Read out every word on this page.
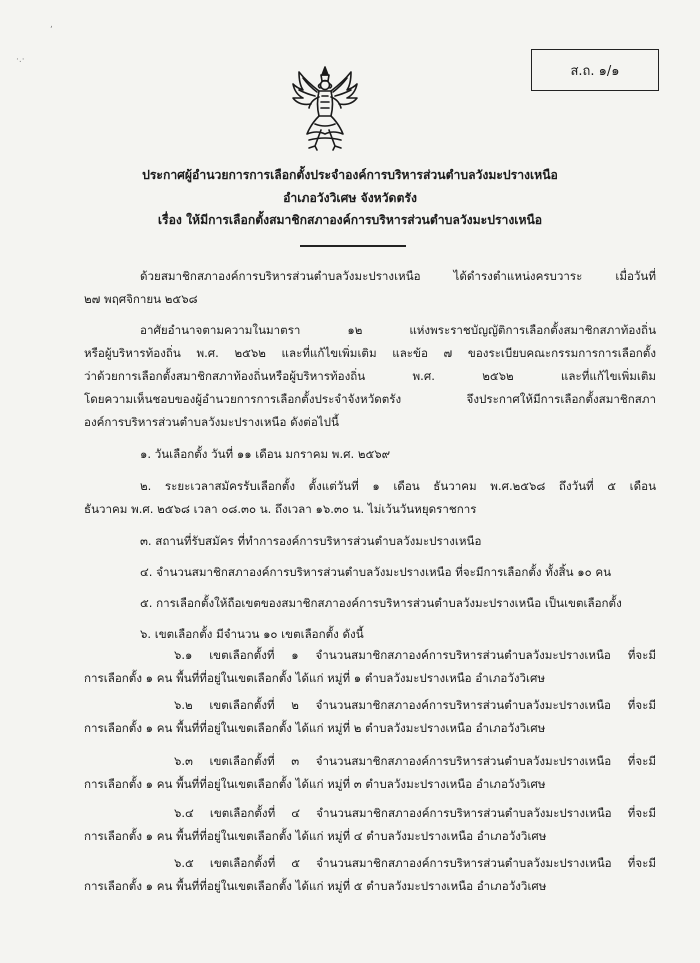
·.·
,
ส.ถ. ๑/๑
ประกาศผู้อำนวยการการเลือกตั้งประจำองค์การบริหารส่วนตำบลวังมะปรางเหนือ
อำเภอวังวิเศษ จังหวัดตรัง
เรื่อง ให้มีการเลือกตั้งสมาชิกสภาองค์การบริหารส่วนตำบลวังมะปรางเหนือ
ด้วยสมาชิกสภาองค์การบริหารส่วนตำบลวังมะปรางเหนือ ได้ดำรงตำแหน่งครบวาระ เมื่อวันที่
๒๗ พฤศจิกายน ๒๕๖๘
อาศัยอำนาจตามความในมาตรา ๑๒ แห่งพระราชบัญญัติการเลือกตั้งสมาชิกสภาท้องถิ่น
หรือผู้บริหารท้องถิ่น พ.ศ. ๒๕๖๒ และที่แก้ไขเพิ่มเติม และข้อ ๗ ของระเบียบคณะกรรมการการเลือกตั้ง
ว่าด้วยการเลือกตั้งสมาชิกสภาท้องถิ่นหรือผู้บริหารท้องถิ่น พ.ศ. ๒๕๖๒ และที่แก้ไขเพิ่มเติม
โดยความเห็นชอบของผู้อำนวยการการเลือกตั้งประจำจังหวัดตรัง จึงประกาศให้มีการเลือกตั้งสมาชิกสภา
องค์การบริหารส่วนตำบลวังมะปรางเหนือ ดังต่อไปนี้
๑. วันเลือกตั้ง วันที่ ๑๑ เดือน มกราคม พ.ศ. ๒๕๖๙
๒. ระยะเวลาสมัครรับเลือกตั้ง ตั้งแต่วันที่ ๑ เดือน ธันวาคม พ.ศ.๒๕๖๘ ถึงวันที่ ๕ เดือน
ธันวาคม พ.ศ. ๒๕๖๘ เวลา ๐๘.๓๐ น. ถึงเวลา ๑๖.๓๐ น. ไม่เว้นวันหยุดราชการ
๓. สถานที่รับสมัคร ที่ทำการองค์การบริหารส่วนตำบลวังมะปรางเหนือ
๔. จำนวนสมาชิกสภาองค์การบริหารส่วนตำบลวังมะปรางเหนือ ที่จะมีการเลือกตั้ง ทั้งสิ้น ๑๐ คน
๕. การเลือกตั้งให้ถือเขตของสมาชิกสภาองค์การบริหารส่วนตำบลวังมะปรางเหนือ เป็นเขตเลือกตั้ง
๖. เขตเลือกตั้ง มีจำนวน ๑๐ เขตเลือกตั้ง ดังนี้
๖.๑ เขตเลือกตั้งที่ ๑ จำนวนสมาชิกสภาองค์การบริหารส่วนตำบลวังมะปรางเหนือ ที่จะมี
การเลือกตั้ง ๑ คน พื้นที่ที่อยู่ในเขตเลือกตั้ง ได้แก่ หมู่ที่ ๑ ตำบลวังมะปรางเหนือ อำเภอวังวิเศษ
๖.๒ เขตเลือกตั้งที่ ๒ จำนวนสมาชิกสภาองค์การบริหารส่วนตำบลวังมะปรางเหนือ ที่จะมี
การเลือกตั้ง ๑ คน พื้นที่ที่อยู่ในเขตเลือกตั้ง ได้แก่ หมู่ที่ ๒ ตำบลวังมะปรางเหนือ อำเภอวังวิเศษ
๖.๓ เขตเลือกตั้งที่ ๓ จำนวนสมาชิกสภาองค์การบริหารส่วนตำบลวังมะปรางเหนือ ที่จะมี
การเลือกตั้ง ๑ คน พื้นที่ที่อยู่ในเขตเลือกตั้ง ได้แก่ หมู่ที่ ๓ ตำบลวังมะปรางเหนือ อำเภอวังวิเศษ
๖.๔ เขตเลือกตั้งที่ ๔ จำนวนสมาชิกสภาองค์การบริหารส่วนตำบลวังมะปรางเหนือ ที่จะมี
การเลือกตั้ง ๑ คน พื้นที่ที่อยู่ในเขตเลือกตั้ง ได้แก่ หมู่ที่ ๔ ตำบลวังมะปรางเหนือ อำเภอวังวิเศษ
๖.๕ เขตเลือกตั้งที่ ๕ จำนวนสมาชิกสภาองค์การบริหารส่วนตำบลวังมะปรางเหนือ ที่จะมี
การเลือกตั้ง ๑ คน พื้นที่ที่อยู่ในเขตเลือกตั้ง ได้แก่ หมู่ที่ ๕ ตำบลวังมะปรางเหนือ อำเภอวังวิเศษ
